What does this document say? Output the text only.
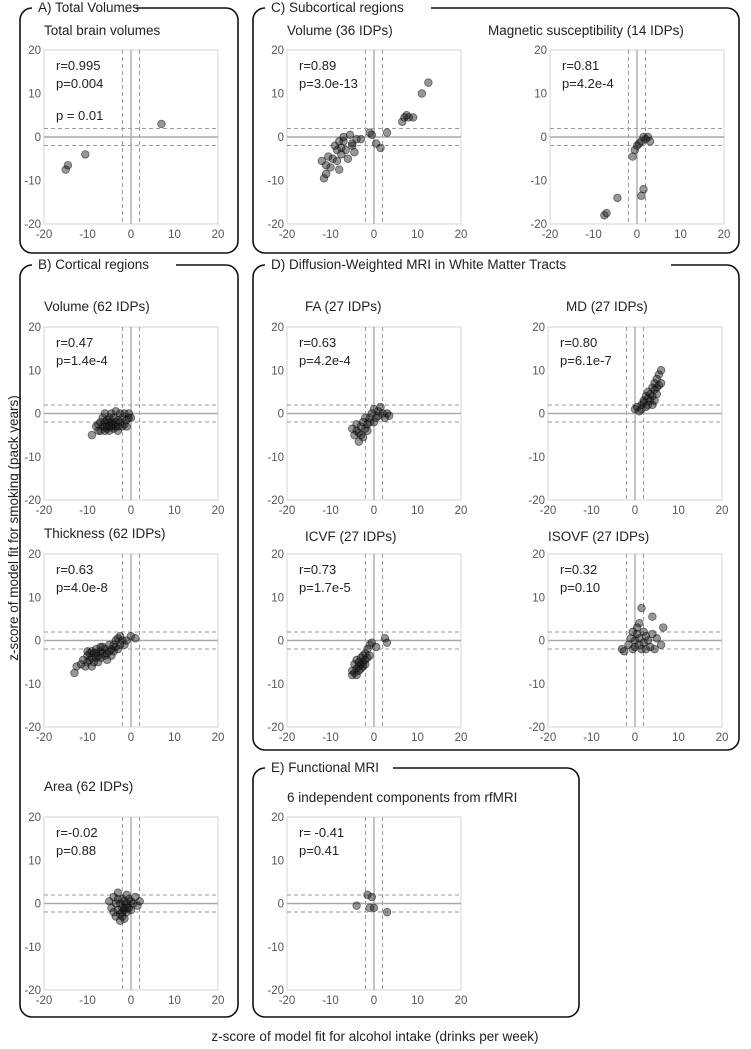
A) Total Volumes
B) Cortical regions
C) Subcortical regions
D) Diffusion-Weighted MRI in White Matter Tracts
E) Functional MRI
Total brain volumes
-20 -10	0	10	20
20
10
0
-10
-20
r=0.995
p=0.004
p = 0.01
Volume (62 IDPs)
-20 -10	0	10	20
20
10
0
-10
-20
r=0.47
p=1.4e-4
Thickness (62 IDPs)
-20 -10	0	10	20
20
10
0
-10
-20
r=0.63
p=4.0e-8
Area (62 IDPs)
-20 -10	0	10	20
20
10
0
-10
-20
r=-0.02
p=0.88
Volume (36 IDPs)
-20 -10	0	10	20
20
10
0
-10
-20
r=0.89
p=3.0e-13
Magnetic susceptibility (14 IDPs)
-20 -10	0	10	20
20
10
0
-10
-20
r=0.81
p=4.2e-4
FA (27 IDPs)
-20 -10	0	10	20
20
10
0
-10
-20
r=0.63
p=4.2e-4
MD (27 IDPs)
-20 -10	0	10	20
20
10
0
-10
-20
r=0.80
p=6.1e-7
ICVF (27 IDPs)
-20 -10	0	10	20
20
10
0
-10
-20
r=0.73
p=1.7e-5
ISOVF (27 IDPs)
-20 -10	0	10	20
20
10
0
-10
-20
r=0.32
p=0.10
6 independent components from rfMRI
-20 -10	0	10	20
20
10
0
-10
-20
r= -0.41
p=0.41
z-score of model fit for smoking (pack years)
z-score of model fit for alcohol intake (drinks per week)
